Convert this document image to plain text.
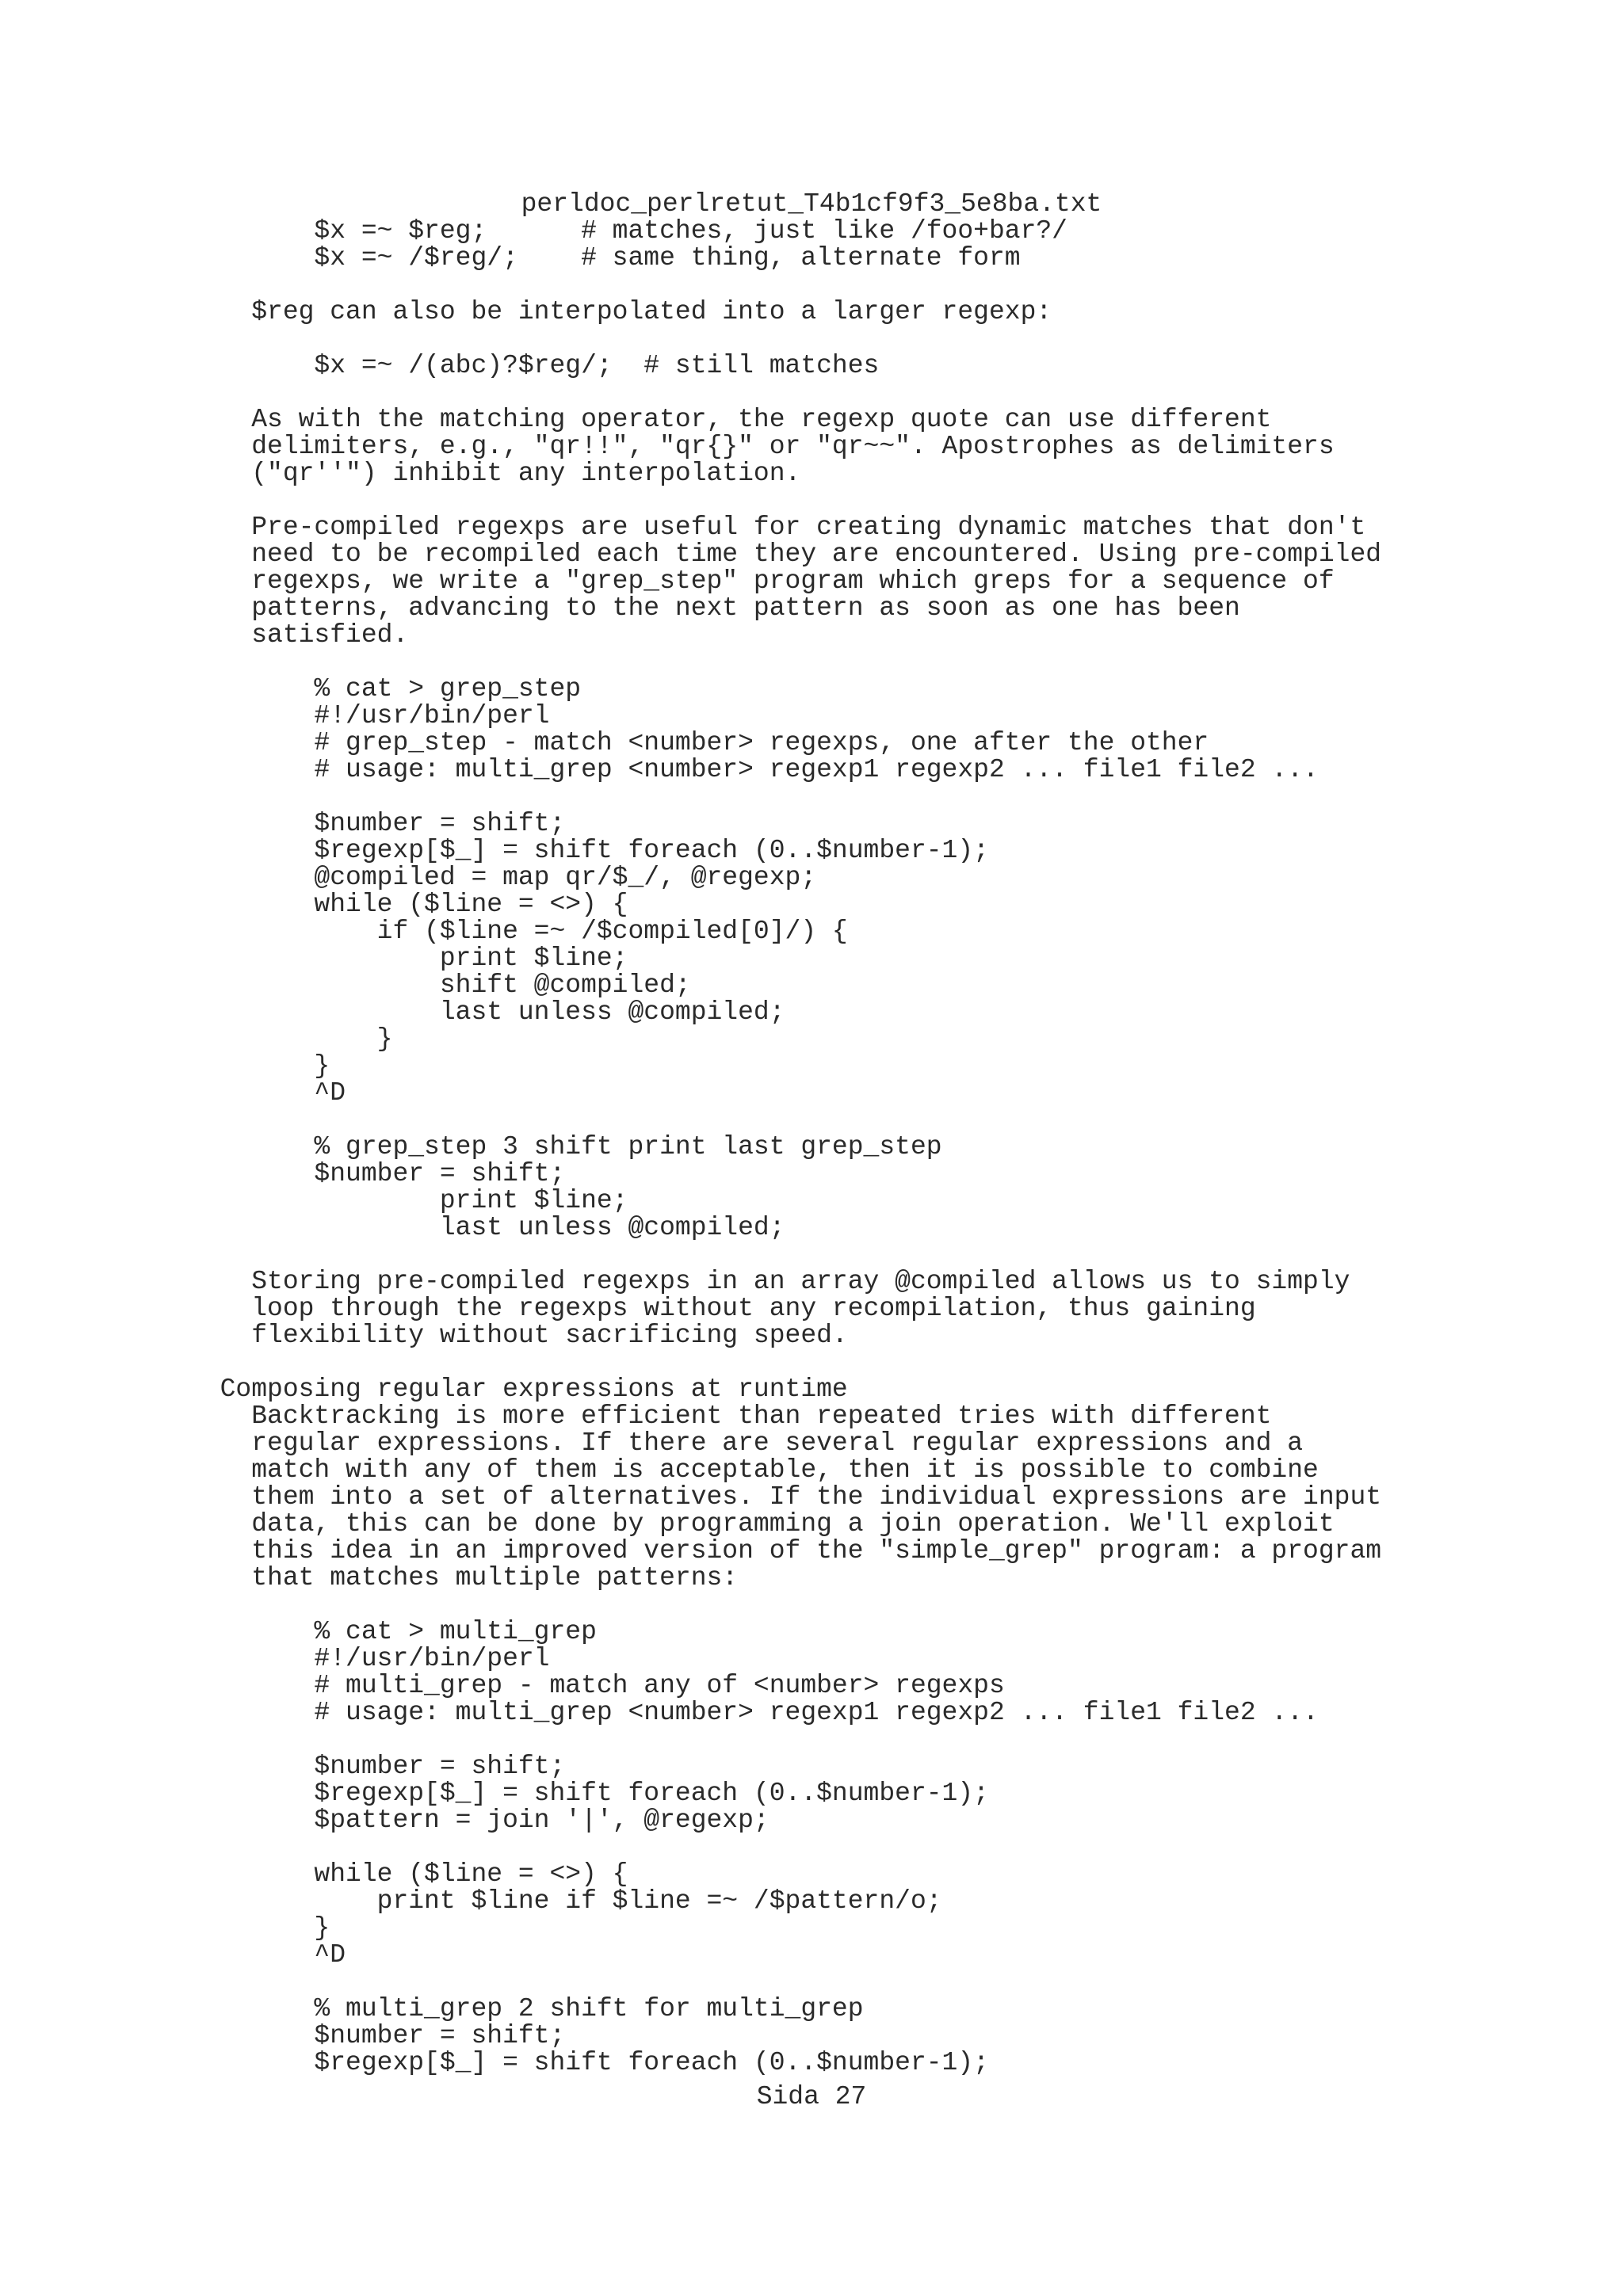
perldoc_perlretut_T4b1cf9f3_5e8ba.txt
$x =~ $reg;      # matches, just like /foo+bar?/
$x =~ /$reg/;    # same thing, alternate form

$reg can also be interpolated into a larger regexp:

$x =~ /(abc)?$reg/;  # still matches

As with the matching operator, the regexp quote can use different
delimiters, e.g., "qr!!", "qr{}" or "qr~~". Apostrophes as delimiters
("qr''") inhibit any interpolation.

Pre-compiled regexps are useful for creating dynamic matches that don't
need to be recompiled each time they are encountered. Using pre-compiled
regexps, we write a "grep_step" program which greps for a sequence of
patterns, advancing to the next pattern as soon as one has been
satisfied.

% cat > grep_step
#!/usr/bin/perl
# grep_step - match <number> regexps, one after the other
# usage: multi_grep <number> regexp1 regexp2 ... file1 file2 ...

$number = shift;
$regexp[$_] = shift foreach (0..$number-1);
@compiled = map qr/$_/, @regexp;
while ($line = <>) {
if ($line =~ /$compiled[0]/) {
print $line;
shift @compiled;
last unless @compiled;
}
}
^D

% grep_step 3 shift print last grep_step
$number = shift;
print $line;
last unless @compiled;

Storing pre-compiled regexps in an array @compiled allows us to simply
loop through the regexps without any recompilation, thus gaining
flexibility without sacrificing speed.

Composing regular expressions at runtime
Backtracking is more efficient than repeated tries with different
regular expressions. If there are several regular expressions and a
match with any of them is acceptable, then it is possible to combine
them into a set of alternatives. If the individual expressions are input
data, this can be done by programming a join operation. We'll exploit
this idea in an improved version of the "simple_grep" program: a program
that matches multiple patterns:

% cat > multi_grep
#!/usr/bin/perl
# multi_grep - match any of <number> regexps
# usage: multi_grep <number> regexp1 regexp2 ... file1 file2 ...

$number = shift;
$regexp[$_] = shift foreach (0..$number-1);
$pattern = join '|', @regexp;

while ($line = <>) {
print $line if $line =~ /$pattern/o;
}
^D

% multi_grep 2 shift for multi_grep
$number = shift;
$regexp[$_] = shift foreach (0..$number-1);

Sida 27
